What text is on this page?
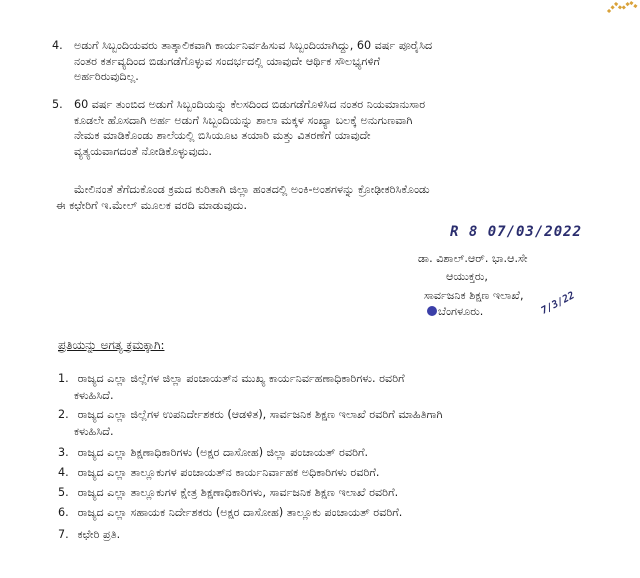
4. ಅಡುಗೆ ಸಿಬ್ಬಂದಿಯವರು ತಾತ್ಕಾಲಿಕವಾಗಿ ಕಾರ್ಯನಿರ್ವಹಿಸುವ ಸಿಬ್ಬಂದಿಯಾಗಿದ್ದು, 60 ವರ್ಷ ಪೂರೈಸಿದ
ನಂತರ ಕರ್ತವ್ಯದಿಂದ ಬಿಡುಗಡೆಗೊಳ್ಳುವ ಸಂದರ್ಭದಲ್ಲಿ ಯಾವುದೇ ಆರ್ಥಿಕ ಸೌಲಭ್ಯಗಳಿಗೆ
ಅರ್ಹರಿರುವುದಿಲ್ಲ.
5. 60 ವರ್ಷ ತುಂಬಿದ ಅಡುಗೆ ಸಿಬ್ಬಂದಿಯನ್ನು ಕೆಲಸದಿಂದ ಬಿಡುಗಡೆಗೊಳಿಸಿದ ನಂತರ ನಿಯಮಾನುಸಾರ
ಕೂಡಲೇ ಹೊಸದಾಗಿ ಅರ್ಹ ಅಡುಗೆ ಸಿಬ್ಬಂದಿಯನ್ನು ಶಾಲಾ ಮಕ್ಕಳ ಸಂಖ್ಯಾ ಬಲಕ್ಕೆ ಅನುಗುಣವಾಗಿ
ನೇಮಕ ಮಾಡಿಕೊಂಡು ಶಾಲೆಯಲ್ಲಿ ಬಿಸಿಯೂಟ ತಯಾರಿ ಮತ್ತು ವಿತರಣೆಗೆ ಯಾವುದೇ
ವ್ಯತ್ಯಯವಾಗದಂತೆ ನೋಡಿಕೊಳ್ಳುವುದು.
ಮೇಲಿನಂತೆ ತೆಗೆದುಕೊಂಡ ಕ್ರಮದ ಕುರಿತಾಗಿ ಜಿಲ್ಲಾ ಹಂತದಲ್ಲಿ ಅಂಕಿ-ಅಂಶಗಳನ್ನು ಕ್ರೋಢೀಕರಿಸಿಕೊಂಡು
ಈ ಕಛೇರಿಗೆ ಇ.ಮೇಲ್ ಮೂಲಕ ವರದಿ ಮಾಡುವುದು.
R 8 07/03/2022
ಡಾ. ವಿಶಾಲ್.ಆರ್. ಭಾ.ಆ.ಸೇ
ಆಯುಕ್ತರು,
ಸಾರ್ವಜನಿಕ ಶಿಕ್ಷಣ ಇಲಾಖೆ,
ಬೆಂಗಳೂರು.	7/3/22
ಪ್ರತಿಯನ್ನು ಅಗತ್ಯ ಕ್ರಮಕ್ಕಾಗಿ:
1. ರಾಜ್ಯದ ಎಲ್ಲಾ ಜಿಲ್ಲೆಗಳ ಜಿಲ್ಲಾ ಪಂಚಾಯತ್‌ನ ಮುಖ್ಯ ಕಾರ್ಯನಿರ್ವಹಣಾಧಿಕಾರಿಗಳು. ರವರಿಗೆ
ಕಳುಹಿಸಿದೆ.
2. ರಾಜ್ಯದ ಎಲ್ಲಾ ಜಿಲ್ಲೆಗಳ ಉಪನಿರ್ದೇಶಕರು (ಆಡಳಿತ), ಸಾರ್ವಜನಿಕ ಶಿಕ್ಷಣ ಇಲಾಖೆ ರವರಿಗೆ ಮಾಹಿತಿಗಾಗಿ
ಕಳುಹಿಸಿದೆ.
3. ರಾಜ್ಯದ ಎಲ್ಲಾ ಶಿಕ್ಷಣಾಧಿಕಾರಿಗಳು (ಅಕ್ಷರ ದಾಸೋಹ) ಜಿಲ್ಲಾ ಪಂಚಾಯತ್ ರವರಿಗೆ.
4. ರಾಜ್ಯದ ಎಲ್ಲಾ ತಾಲ್ಲೂಕುಗಳ ಪಂಚಾಯತ್‌ನ ಕಾರ್ಯನಿರ್ವಾಹಕ ಅಧಿಕಾರಿಗಳು ರವರಿಗೆ.
5. ರಾಜ್ಯದ ಎಲ್ಲಾ ತಾಲ್ಲೂಕುಗಳ ಕ್ಷೇತ್ರ ಶಿಕ್ಷಣಾಧಿಕಾರಿಗಳು, ಸಾರ್ವಜನಿಕ ಶಿಕ್ಷಣ ಇಲಾಖೆ ರವರಿಗೆ.
6. ರಾಜ್ಯದ ಎಲ್ಲಾ ಸಹಾಯಕ ನಿರ್ದೇಶಕರು (ಅಕ್ಷರ ದಾಸೋಹ) ತಾಲ್ಲೂಕು ಪಂಚಾಯತ್ ರವರಿಗೆ.
7. ಕಛೇರಿ ಪ್ರತಿ.
